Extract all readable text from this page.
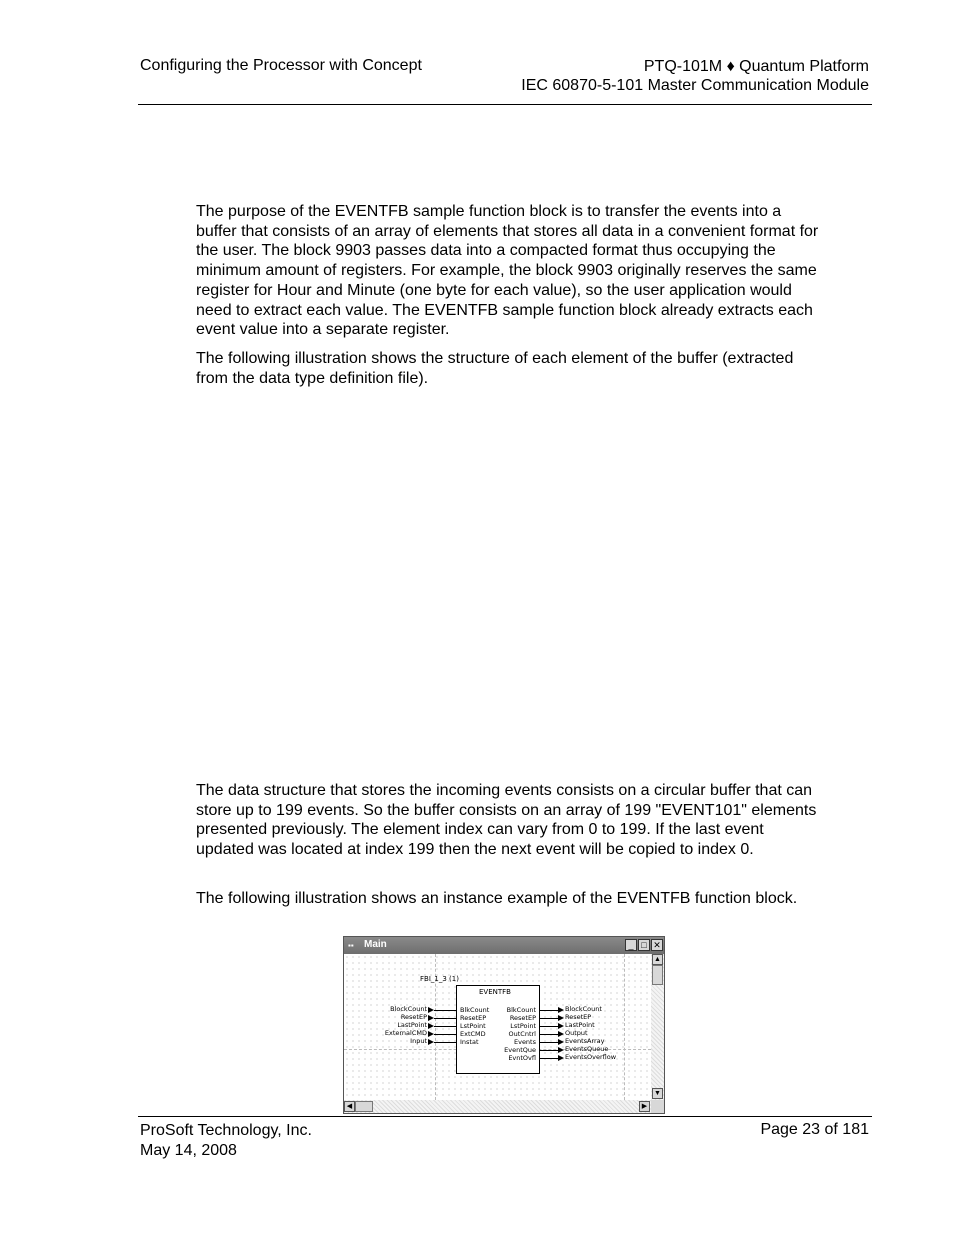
Configuring the Processor with Concept	PTQ-101M ♦ Quantum Platform
IEC 60870-5-101 Master Communication Module

The purpose of the EVENTFB sample function block is to transfer the events into a buffer that consists of an array of elements that stores all data in a convenient format for the user. The block 9903 passes data into a compacted format thus occupying the minimum amount of registers. For example, the block 9903 originally reserves the same register for Hour and Minute (one byte for each value), so the user application would need to extract each value. The EVENTFB sample function block already extracts each event value into a separate register.

The following illustration shows the structure of each element of the buffer (extracted from the data type definition file).

The data structure that stores the incoming events consists on a circular buffer that can store up to 199 events. So the buffer consists on an array of 199 "EVENT101" elements presented previously. The element index can vary from 0 to 199. If the last event updated was located at index 199 then the next event will be copied to index 0.

The following illustration shows an instance example of the EVENTFB function block.

▪▪ Main	_ □ ✕
FBI_1_3 (1)
EVENTFB
BlkCount
ResetEP
LstPoint
ExtCMD
Instat
BlkCount
ResetEP
LstPoint
OutCntrl
Events
EventQue
EvntOvfl
BlockCount
ResetEP
LastPoint
ExternalCMD
Input
BlockCount
ResetEP
LastPoint
Output
EventsArray
EventsQueue
EventsOverflow
▲
▼
◀	▶
ProSoft Technology, Inc.
May 14, 2008
Page 23 of 181
